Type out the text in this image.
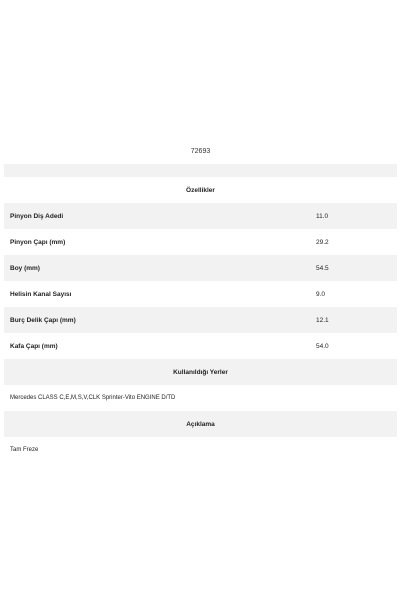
72693
Özellikler
Pinyon Diş Adedi	11.0
Pinyon Çapı (mm)	29.2
Boy (mm)	54.5
Helisin Kanal Sayısı	9.0
Burç Delik Çapı (mm)	12.1
Kafa Çapı (mm)	54.0
Kullanıldığı Yerler
Mercedes CLASS C,E,M,S,V,CLK Sprinter-Vito ENGINE D/TD
Açıklama
Tam Freze
